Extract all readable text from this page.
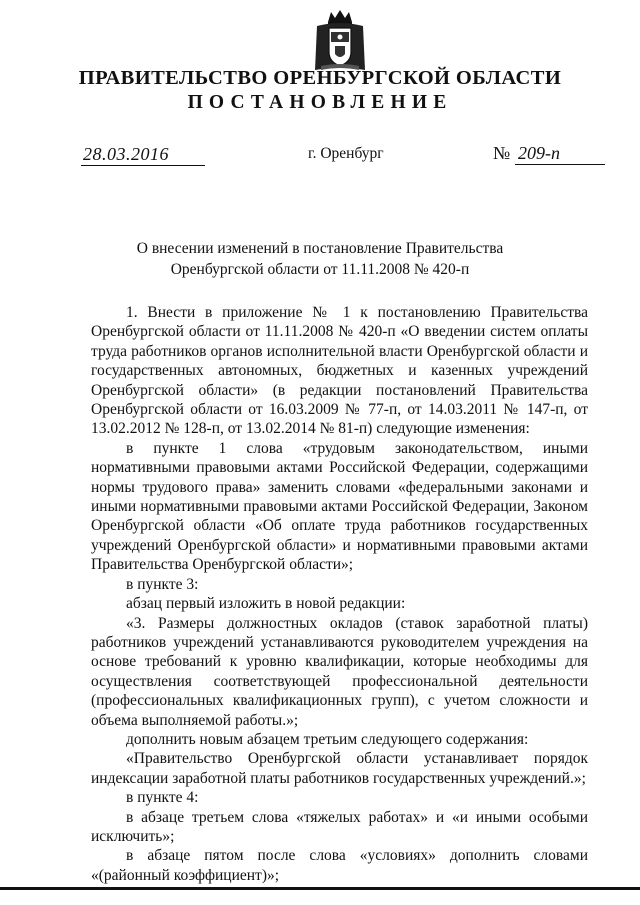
ПРАВИТЕЛЬСТВО ОРЕНБУРГСКОЙ ОБЛАСТИ
ПОСТАНОВЛЕНИЕ
28.03.2016	г. Оренбург	№ 209-п
О внесении изменений в постановление Правительства
Оренбургской области от 11.11.2008 № 420-п

1. Внести в приложение № 1 к постановлению Правительства Оренбургской области от 11.11.2008 № 420-п «О введении систем оплаты труда работников органов исполнительной власти Оренбургской области и государственных автономных, бюджетных и казенных учреждений Оренбургской области» (в редакции постановлений Правительства Оренбургской области от 16.03.2009 № 77-п, от 14.03.2011 № 147-п, от 13.02.2012 № 128-п, от 13.02.2014 № 81-п) следующие изменения:

в пункте 1 слова «трудовым законодательством, иными нормативными правовыми актами Российской Федерации, содержащими нормы трудового права» заменить словами «федеральными законами и иными нормативными правовыми актами Российской Федерации, Законом Оренбургской области «Об оплате труда работников государственных учреждений Оренбургской области» и нормативными правовыми актами Правительства Оренбургской области»;

в пункте 3:

абзац первый изложить в новой редакции:

«3. Размеры должностных окладов (ставок заработной платы) работников учреждений устанавливаются руководителем учреждения на основе требований к уровню квалификации, которые необходимы для осуществления соответствующей профессиональной деятельности (профессиональных квалификационных групп), с учетом сложности и объема выполняемой работы.»;

дополнить новым абзацем третьим следующего содержания:

«Правительство Оренбургской области устанавливает порядок индексации заработной платы работников государственных учреждений.»;

в пункте 4:

в абзаце третьем слова «тяжелых работах» и «и иными особыми исключить»;

в абзаце пятом после слова «условиях» дополнить словами «(районный коэффициент)»;
